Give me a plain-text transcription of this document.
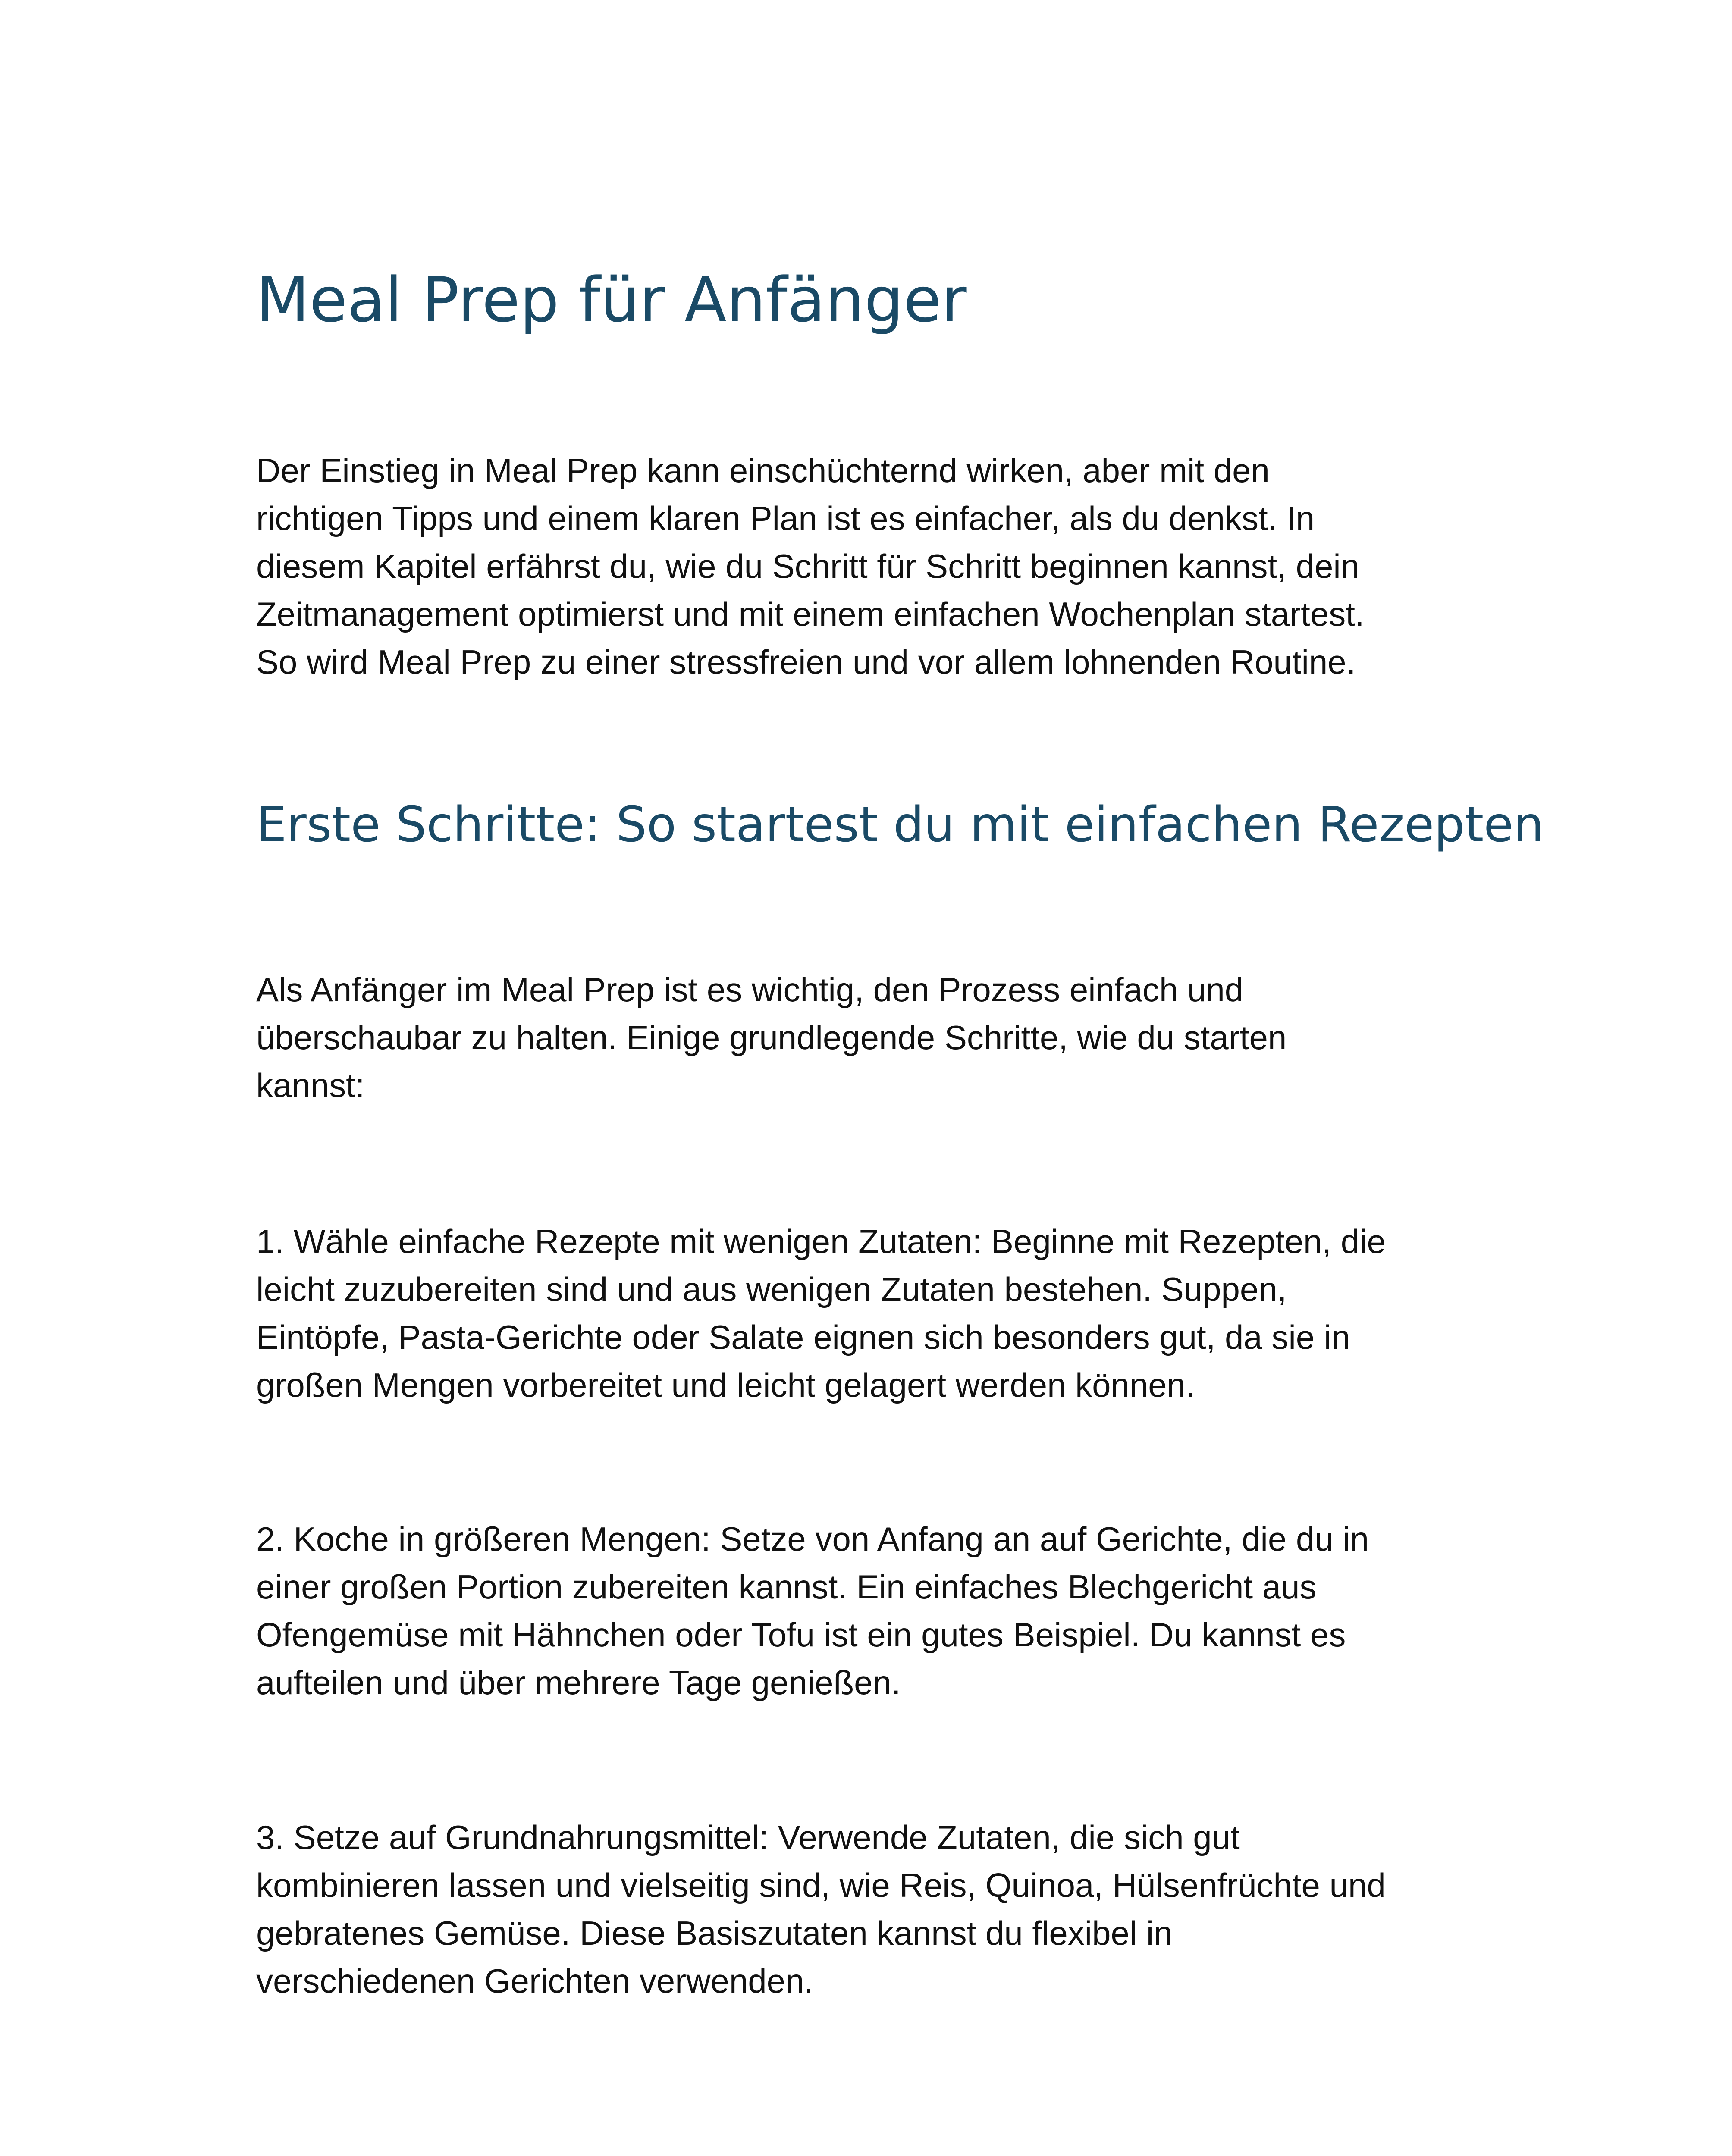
Meal Prep für Anfänger

Der Einstieg in Meal Prep kann einschüchternd wirken, aber mit den
richtigen Tipps und einem klaren Plan ist es einfacher, als du denkst. In
diesem Kapitel erfährst du, wie du Schritt für Schritt beginnen kannst, dein
Zeitmanagement optimierst und mit einem einfachen Wochenplan startest.
So wird Meal Prep zu einer stressfreien und vor allem lohnenden Routine.

Erste Schritte: So startest du mit einfachen Rezepten

Als Anfänger im Meal Prep ist es wichtig, den Prozess einfach und
überschaubar zu halten. Einige grundlegende Schritte, wie du starten
kannst:

1. Wähle einfache Rezepte mit wenigen Zutaten: Beginne mit Rezepten, die
leicht zuzubereiten sind und aus wenigen Zutaten bestehen. Suppen,
Eintöpfe, Pasta-Gerichte oder Salate eignen sich besonders gut, da sie in
großen Mengen vorbereitet und leicht gelagert werden können.

2. Koche in größeren Mengen: Setze von Anfang an auf Gerichte, die du in
einer großen Portion zubereiten kannst. Ein einfaches Blechgericht aus
Ofengemüse mit Hähnchen oder Tofu ist ein gutes Beispiel. Du kannst es
aufteilen und über mehrere Tage genießen.

3. Setze auf Grundnahrungsmittel: Verwende Zutaten, die sich gut
kombinieren lassen und vielseitig sind, wie Reis, Quinoa, Hülsenfrüchte und
gebratenes Gemüse. Diese Basiszutaten kannst du flexibel in
verschiedenen Gerichten verwenden.
